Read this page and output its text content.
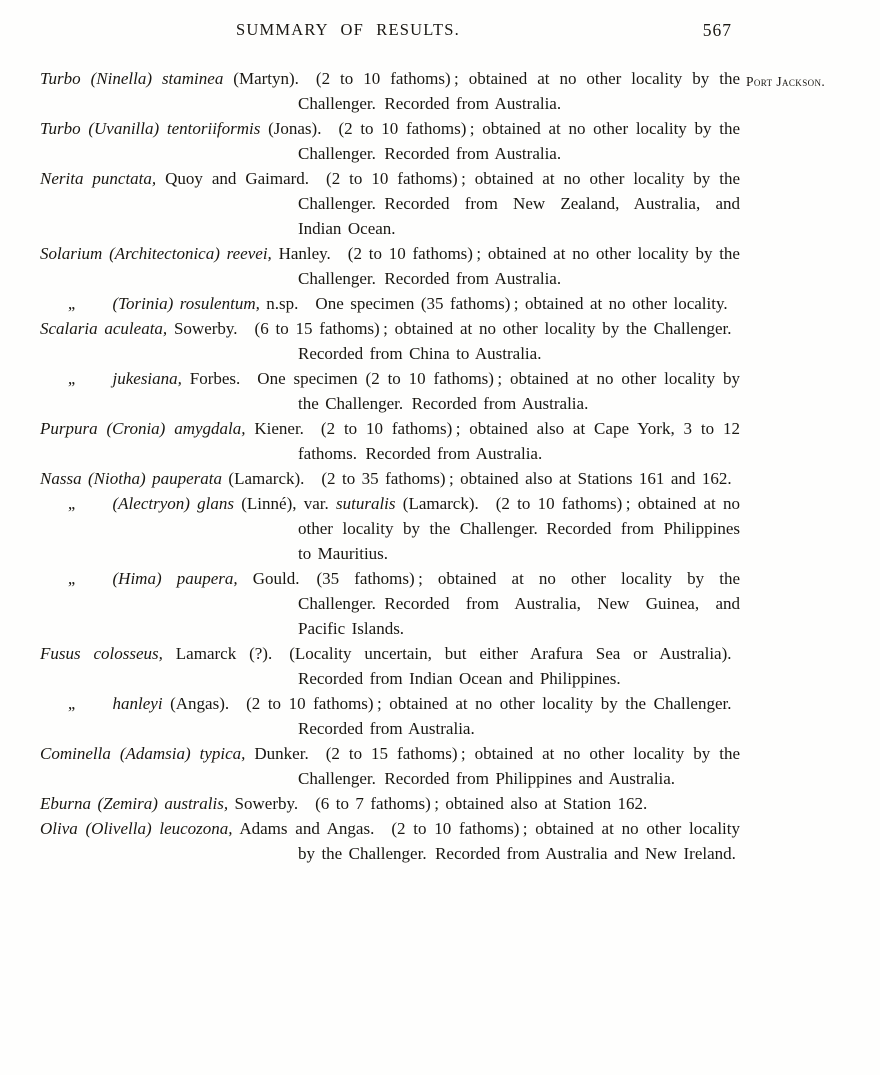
SUMMARY OF RESULTS.	567
Port Jackson.

Turbo (Ninella) staminea (Martyn). (2 to 10 fathoms) ; obtained at no other locality by the Challenger. Recorded from Australia.

Turbo (Uvanilla) tentoriiformis (Jonas). (2 to 10 fathoms) ; obtained at no other locality by the Challenger. Recorded from Australia.

Nerita punctata, Quoy and Gaimard. (2 to 10 fathoms) ; obtained at no other locality by the Challenger. Recorded from New Zealand, Australia, and Indian Ocean.

Solarium (Architectonica) reevei, Hanley. (2 to 10 fathoms) ; obtained at no other locality by the Challenger. Recorded from Australia.

,, (Torinia) rosulentum, n.sp. One specimen (35 fathoms) ; obtained at no other locality.

Scalaria aculeata, Sowerby. (6 to 15 fathoms) ; obtained at no other locality by the Challenger. Recorded from China to Australia.

,, jukesiana, Forbes. One specimen (2 to 10 fathoms) ; obtained at no other locality by the Challenger. Recorded from Australia.

Purpura (Cronia) amygdala, Kiener. (2 to 10 fathoms) ; obtained also at Cape York, 3 to 12 fathoms. Recorded from Australia.

Nassa (Niotha) pauperata (Lamarck). (2 to 35 fathoms) ; obtained also at Stations 161 and 162.

,, (Alectryon) glans (Linné), var. suturalis (Lamarck). (2 to 10 fathoms) ; obtained at no other locality by the Challenger. Recorded from Philippines to Mauritius.

,, (Hima) paupera, Gould. (35 fathoms) ; obtained at no other locality by the Challenger. Recorded from Australia, New Guinea, and Pacific Islands.

Fusus colosseus, Lamarck (?). (Locality uncertain, but either Arafura Sea or Australia). Recorded from Indian Ocean and Philippines.

,, hanleyi (Angas). (2 to 10 fathoms) ; obtained at no other locality by the Challenger. Recorded from Australia.

Cominella (Adamsia) typica, Dunker. (2 to 15 fathoms) ; obtained at no other locality by the Challenger. Recorded from Philippines and Australia.

Eburna (Zemira) australis, Sowerby. (6 to 7 fathoms) ; obtained also at Station 162.

Oliva (Olivella) leucozona, Adams and Angas. (2 to 10 fathoms) ; obtained at no other locality by the Challenger. Recorded from Australia and New Ireland.
